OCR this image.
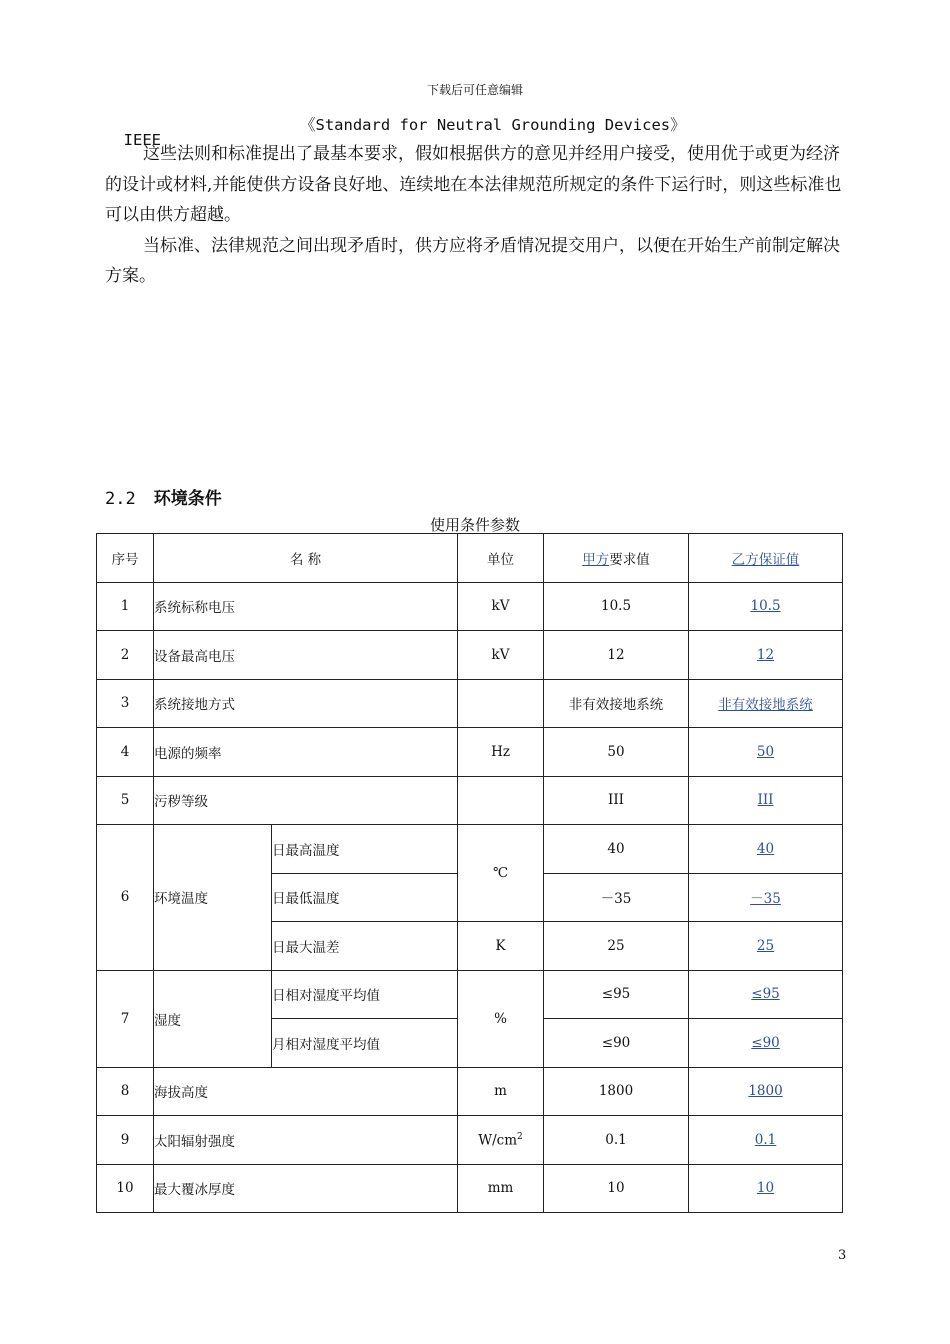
下载后可任意编辑

IEEE

《Standard for Neutral Grounding Devices》

这些法则和标准提出了最基本要求，假如根据供方的意见并经用户接受，使用优于或更为经济的设计或材料,并能使供方设备良好地、连续地在本法律规范所规定的条件下运行时，则这些标准也可以由供方超越。

当标准、法律规范之间出现矛盾时，供方应将矛盾情况提交用户，以便在开始生产前制定解决方案。

2.2 环境条件
使用条件参数
序号	名 称		单位	甲方要求值	乙方保证值
1	系统标称电压		kV	10.5	10.5
2	设备最高电压		kV	12	12
3	系统接地方式			非有效接地系统	非有效接地系统
4	电源的频率		Hz	50	50
5	污秽等级			III	III
6	环境温度	日最高温度	℃	40	40
		日最低温度		－35	－35
		日最大温差	K	25	25
7	湿度	日相对湿度平均值	%	≤95	≤95
		月相对湿度平均值		≤90	≤90
8	海拔高度		m	1800	1800
9	太阳辐射强度		$W/cm^2$	0.1	0.1
10	最大覆冰厚度		mm	10	10
3
